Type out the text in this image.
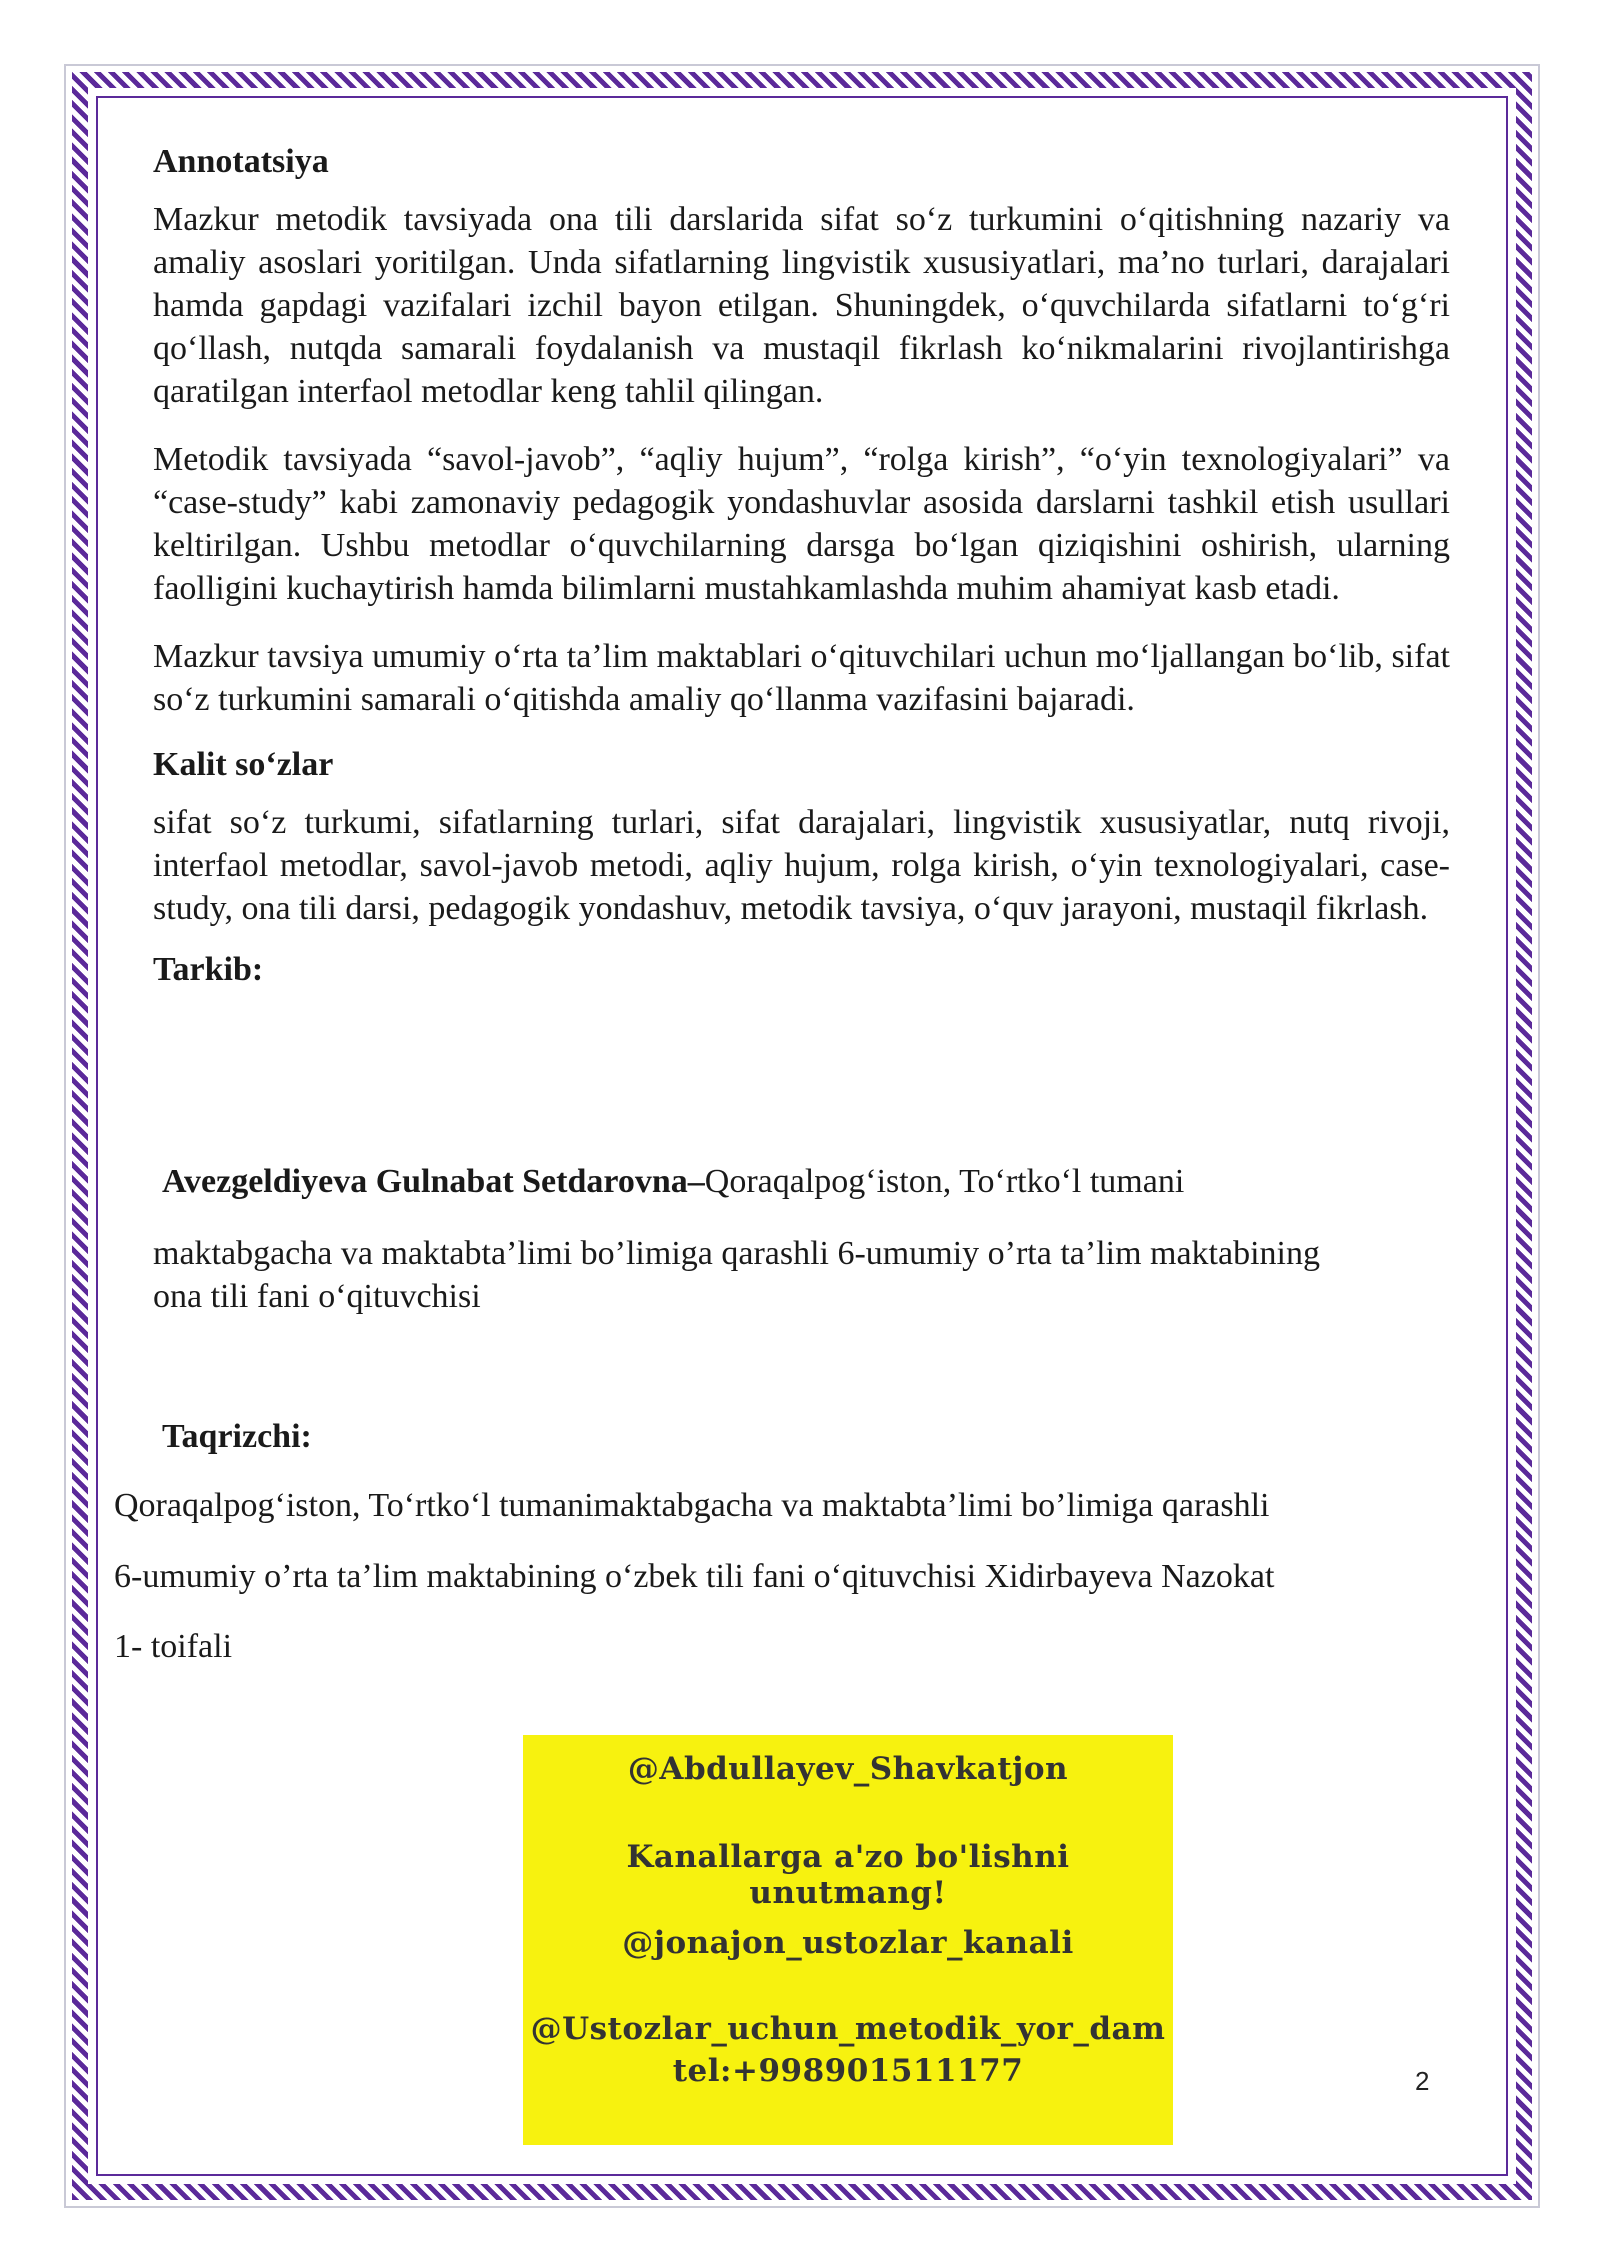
Annotatsiya

Mazkur metodik tavsiyada ona tili darslarida sifat so‘z turkumini o‘qitishning nazariy va amaliy asoslari yoritilgan. Unda sifatlarning lingvistik xususiyatlari, ma’no turlari, darajalari hamda gapdagi vazifalari izchil bayon etilgan. Shuningdek, o‘quvchilarda sifatlarni to‘g‘ri qo‘llash, nutqda samarali foydalanish va mustaqil fikrlash ko‘nikmalarini rivojlantirishga qaratilgan interfaol metodlar keng tahlil qilingan.

Metodik tavsiyada “savol-javob”, “aqliy hujum”, “rolga kirish”, “o‘yin texnologiyalari” va “case-study” kabi zamonaviy pedagogik yondashuvlar asosida darslarni tashkil etish usullari keltirilgan. Ushbu metodlar o‘quvchilarning darsga bo‘lgan qiziqishini oshirish, ularning faolligini kuchaytirish hamda bilimlarni mustahkamlashda muhim ahamiyat kasb etadi.

Mazkur tavsiya umumiy o‘rta ta’lim maktablari o‘qituvchilari uchun mo‘ljallangan bo‘lib, sifat so‘z turkumini samarali o‘qitishda amaliy qo‘llanma vazifasini bajaradi.

Kalit so‘zlar

sifat so‘z turkumi, sifatlarning turlari, sifat darajalari, lingvistik xususiyatlar, nutq rivoji, interfaol metodlar, savol-javob metodi, aqliy hujum, rolga kirish, o‘yin texnologiyalari, case-study, ona tili darsi, pedagogik yondashuv, metodik tavsiya, o‘quv jarayoni, mustaqil fikrlash.

Tarkib:

Avezgeldiyeva Gulnabat Setdarovna–Qoraqalpog‘iston, To‘rtko‘l tumani

maktabgacha va maktabta’limi bo’limiga qarashli 6-umumiy o’rta ta’lim maktabining

ona tili fani o‘qituvchisi

Taqrizchi:

Qoraqalpog‘iston, To‘rtko‘l tumanimaktabgacha va maktabta’limi bo’limiga qarashli

6-umumiy o’rta ta’lim maktabining o‘zbek tili fani o‘qituvchisi Xidirbayeva Nazokat

1- toifali

@Abdullayev_Shavkatjon
Kanallarga a'zo bo'lishni unutmang!
@jonajon_ustozlar_kanali
@Ustozlar_uchun_metodik_yor_dam
tel:+998901511177	2
